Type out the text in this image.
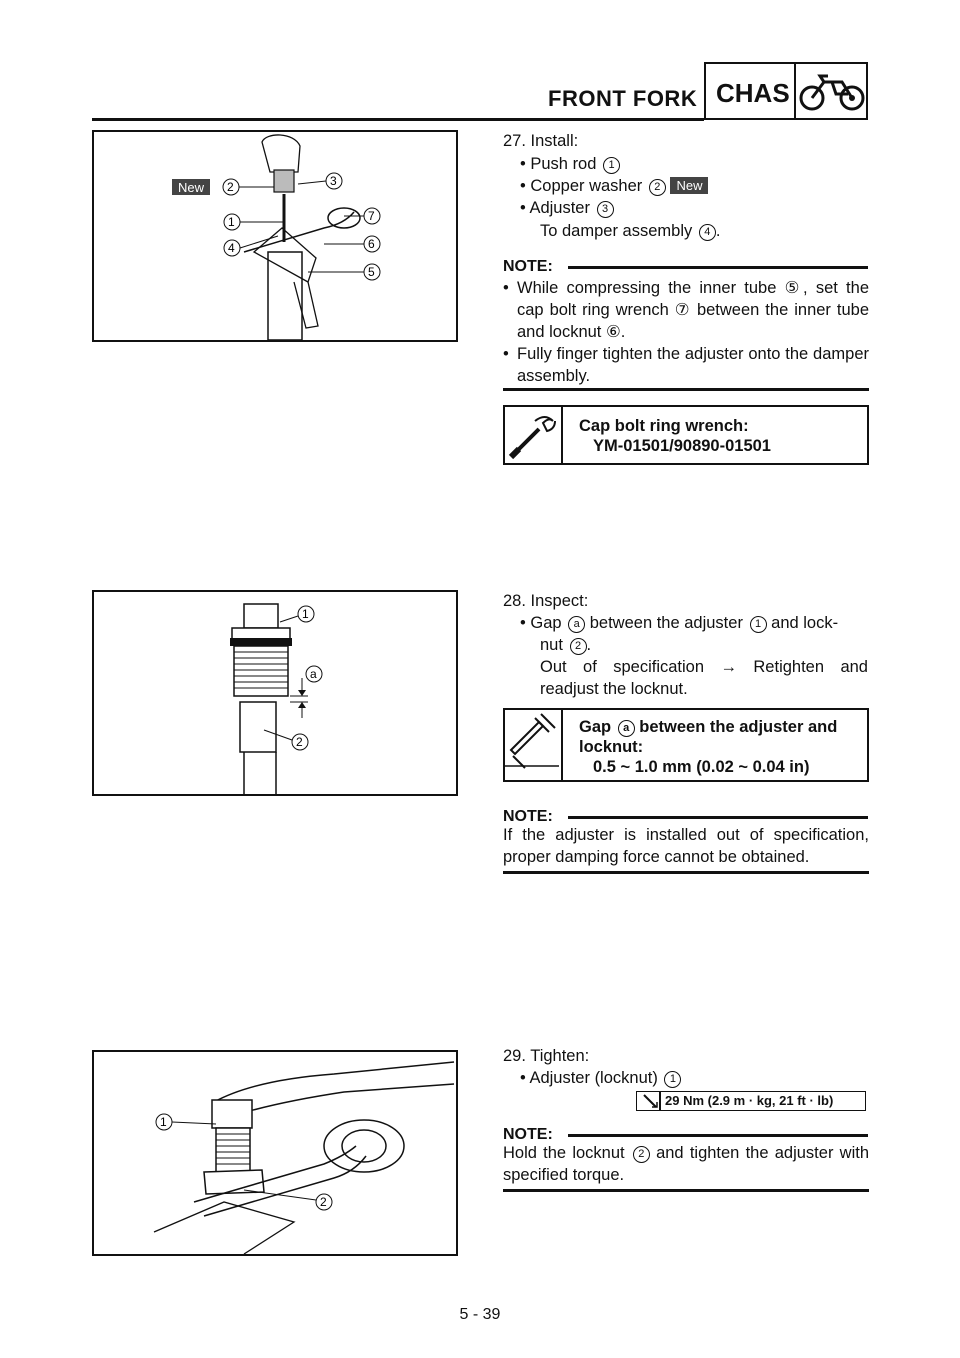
FRONT FORK CHAS
New 2	3
1	7
4	6
5
27. Install:
• Push rod 1
• Copper washer 2 New
• Adjuster 3
To damper assembly 4 .
NOTE:
• While compressing the inner tube ⑤, set the cap bolt ring wrench ⑦ between the inner tube and locknut ⑥.
• Fully finger tighten the adjuster onto the damper assembly.
Cap bolt ring wrench:
YM-01501/90890-01501
1
a
2
28. Inspect:
• Gap a between the adjuster 1 and lock-
nut 2 .
Out of specification → Retighten and readjust the locknut.
Gap a between the adjuster and
locknut:
0.5 ~ 1.0 mm (0.02 ~ 0.04 in)
NOTE:
If the adjuster is installed out of specification, proper damping force cannot be obtained.
1
2
29. Tighten:
• Adjuster (locknut) 1
29 Nm (2.9 m · kg, 21 ft · lb)
NOTE:
Hold the locknut 2 and tighten the adjuster with specified torque.
5 - 39
